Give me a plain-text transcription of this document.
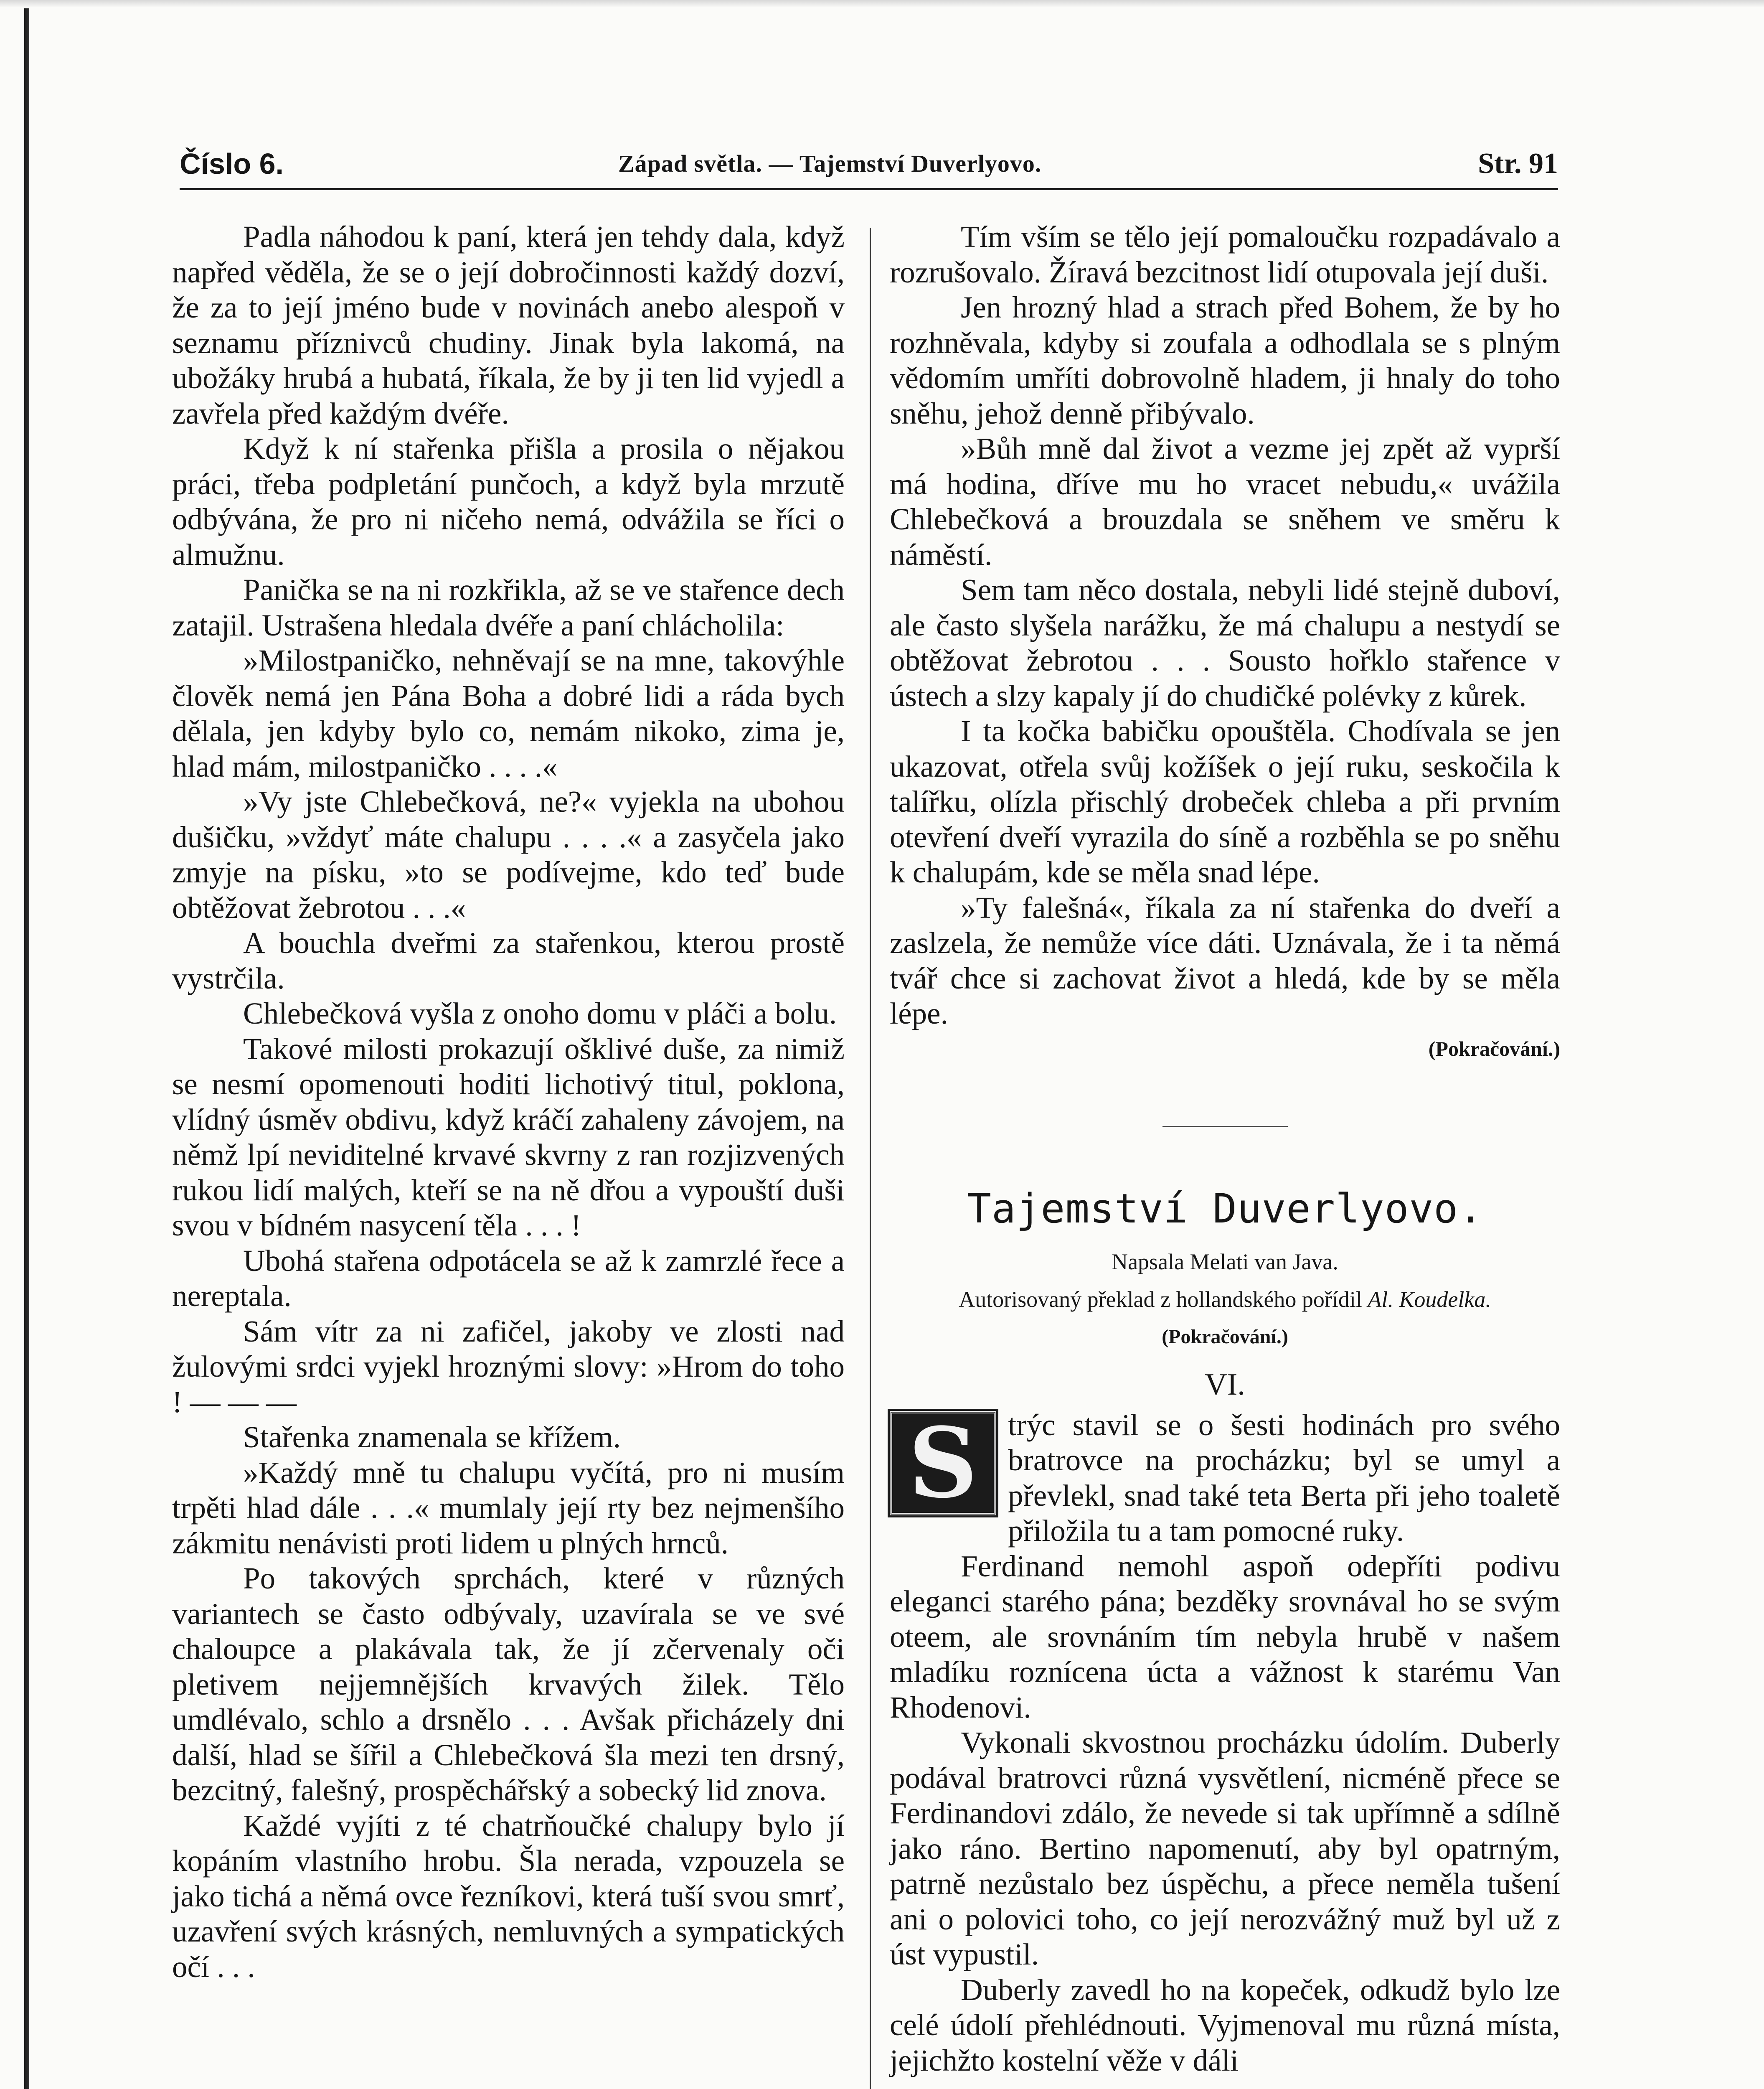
Číslo 6.	Západ světla. — Tajemství Duverlyovo.	Str. 91

Padla náhodou k paní, která jen tehdy dala, když napřed věděla, že se o její dobročinnosti každý dozví, že za to její jméno bude v novinách anebo alespoň v seznamu příznivců chudiny. Jinak byla lakomá, na ubožáky hrubá a hubatá, říkala, že by ji ten lid vyjedl a zavřela před každým dvéře.

Když k ní stařenka přišla a prosila o nějakou práci, třeba podpletání punčoch, a když byla mrzutě odbývána, že pro ni ničeho nemá, odvážila se říci o almužnu.

Panička se na ni rozkřikla, až se ve stařence dech zatajil. Ustrašena hledala dvéře a paní chlácholila:

»Milostpaničko, nehněvají se na mne, takovýhle člověk nemá jen Pána Boha a dobré lidi a ráda bych dělala, jen kdyby bylo co, nemám nikoko, zima je, hlad mám, milostpaničko . . . .«

»Vy jste Chlebečková, ne?« vyjekla na ubohou dušičku, »vždyť máte chalupu . . . .« a zasyčela jako zmyje na písku, »to se podívejme, kdo teď bude obtěžovat žebrotou . . .«

A bouchla dveřmi za stařenkou, kterou prostě vystrčila.

Chlebečková vyšla z onoho domu v pláči a bolu.

Takové milosti prokazují ošklivé duše, za nimiž se nesmí opomenouti hoditi lichotivý titul, poklona, vlídný úsměv obdivu, když kráčí zahaleny závojem, na němž lpí neviditelné krvavé skvrny z ran rozjizvených rukou lidí malých, kteří se na ně dřou a vypouští duši svou v bídném nasycení těla . . . !

Ubohá stařena odpotácela se až k zamrzlé řece a nereptala.

Sám vítr za ni zafičel, jakoby ve zlosti nad žulovými srdci vyjekl hroznými slovy: »Hrom do toho ! — — —

Stařenka znamenala se křížem.

»Každý mně tu chalupu vyčítá, pro ni musím trpěti hlad dále . . .« mumlaly její rty bez nejmenšího zákmitu nenávisti proti lidem u plných hrnců.

Po takových sprchách, které v různých variantech se často odbývaly, uzavírala se ve své chaloupce a plakávala tak, že jí zčervenaly oči pletivem nejjemnějších krvavých žilek. Tělo umdlévalo, schlo a drsnělo . . . Avšak přicházely dni další, hlad se šířil a Chlebečková šla mezi ten drsný, bezcitný, falešný, prospěchářský a sobecký lid znova.

Každé vyjíti z té chatrňoučké chalupy bylo jí kopáním vlastního hrobu. Šla nerada, vzpouzela se jako tichá a němá ovce řezníkovi, která tuší svou smrť, uzavření svých krásných, nemluvných a sympatických očí . . .

Tím vším se tělo její pomaloučku rozpadávalo a rozrušovalo. Žíravá bezcitnost lidí otupovala její duši.

Jen hrozný hlad a strach před Bohem, že by ho rozhněvala, kdyby si zoufala a odhodlala se s plným vědomím umříti dobrovolně hladem, ji hnaly do toho sněhu, jehož denně přibývalo.

»Bůh mně dal život a vezme jej zpět až vyprší má hodina, dříve mu ho vracet nebudu,« uvážila Chlebečková a brouzdala se sněhem ve směru k náměstí.

Sem tam něco dostala, nebyli lidé stejně duboví, ale často slyšela narážku, že má chalupu a nestydí se obtěžovat žebrotou . . . Sousto hořklo stařence v ústech a slzy kapaly jí do chudičké polévky z kůrek.

I ta kočka babičku opouštěla. Chodívala se jen ukazovat, otřela svůj kožíšek o její ruku, seskočila k talířku, olízla přischlý drobeček chleba a při prvním otevření dveří vyrazila do síně a rozběhla se po sněhu k chalupám, kde se měla snad lépe.

»Ty falešná«, říkala za ní stařenka do dveří a zaslzela, že nemůže více dáti. Uznávala, že i ta němá tvář chce si zachovat život a hledá, kde by se měla lépe.

(Pokračování.)
Tajemství Duverlyovo.
Napsala Melati van Java.
Autorisovaný překlad z hollandského pořídil Al. Koudelka.
(Pokračování.)
VI.
S trýc stavil se o šesti hodinách pro svého bratrovce na procházku; byl se umyl a převlekl, snad také teta Berta při jeho toaletě přiložila tu a tam pomocné ruky.

Ferdinand nemohl aspoň odepříti podivu eleganci starého pána; bezděky srovnával ho se svým oteem, ale srovnáním tím nebyla hrubě v našem mladíku roznícena úcta a vážnost k starému Van Rhodenovi.

Vykonali skvostnou procházku údolím. Duberly podával bratrovci různá vysvětlení, nicméně přece se Ferdinandovi zdálo, že nevede si tak upřímně a sdílně jako ráno. Bertino napomenutí, aby byl opatrným, patrně nezůstalo bez úspěchu, a přece neměla tušení ani o polovici toho, co její nerozvážný muž byl už z úst vypustil.

Duberly zavedl ho na kopeček, odkudž bylo lze celé údolí přehlédnouti. Vyjmenoval mu různá místa, jejichžto kostelní věže v dáli
